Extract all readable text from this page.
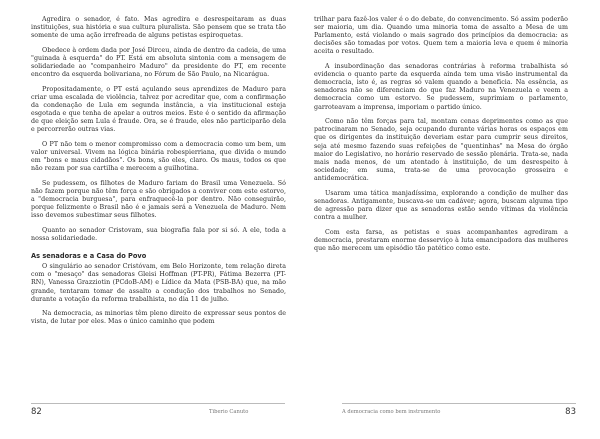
Agredira o senador, é fato. Mas agredira e desrespeitaram as duas instituições, sua história e sua cultura pluralista. São pensem que se trata tão somente de uma ação irrefreada de alguns petistas espiroquetas.

Obedece à ordem dada por José Dirceu, ainda de dentro da cadeia, de uma "guinada à esquerda" do PT. Está em absoluta sintonia com a mensagem de solidariedade ao "companheiro Maduro" da presidente do PT, em recente encontro da esquerda bolivariana, no Fórum de São Paulo, na Nicarágua.

Propositadamente, o PT está açulando seus aprendizes de Maduro para criar uma escalada de violência, talvez por acreditar que, com a confirmação da condenação de Lula em segunda instância, a via institucional esteja esgotada e que tenha de apelar a outros meios. Este é o sentido da afirmação de que eleição sem Lula é fraude. Ora, se é fraude, eles não participarão dela e percorrerão outras vias.

O PT não tem o menor compromisso com a democracia como um bem, um valor universal. Vivem na lógica binária robespierriana, que divida o mundo em "bons e maus cidadãos". Os bons, são eles, claro. Os maus, todos os que não rezam por sua cartilha e merecem a guilhotina.

Se pudessem, os filhotes de Maduro fariam do Brasil uma Venezuela. Só não fazem porque não têm força e são obrigados a conviver com este estorvo, a "democracia burguesa", para enfraquecê-la por dentro. Não conseguirão, porque felizmente o Brasil não é e jamais será a Venezuela de Maduro. Nem isso devemos subestimar seus filhotes.

Quanto ao senador Cristovam, sua biografia fala por si só. A ele, toda a nossa solidariedade.

As senadoras e a Casa do Povo

O singulário ao senador Cristóvam, em Belo Horizonte, tem relação direta com o "mesaço" das senadoras Gleisi Hoffman (PT-PR), Fátima Bezerra (PT-RN), Vanessa Grazziotin (PCdoB-AM) e Lídice da Mata (PSB-BA) que, na mão grande, tentaram tomar de assalto a condução dos trabalhos no Senado, durante a votação da reforma trabalhista, no dia 11 de julho.

Na democracia, as minorias têm pleno direito de expressar seus pontos de vista, de lutar por eles. Mas o único caminho que podem

trilhar para fazê-los valer é o do debate, do convencimento. Só assim poderão ser maioria, um dia. Quando uma minoria toma de assalto a Mesa de um Parlamento, está violando o mais sagrado dos princípios da democracia: as decisões são tomadas por votos. Quem tem a maioria leva e quem é minoria aceita o resultado.

A insubordinação das senadoras contrárias à reforma trabalhista só evidencia o quanto parte da esquerda ainda tem uma visão instrumental da democracia, isto é, as regras só valem quando a beneficia. Na essência, as senadoras não se diferenciam do que faz Maduro na Venezuela e veem a democracia como um estorvo. Se pudessem, suprimiam o parlamento, garroteavam a imprensa, imporiam o partido único.

Como não têm forças para tal, montam cenas deprimentes como as que patrocinaram no Senado, seja ocupando durante várias horas os espaços em que os dirigentes da instituição deveriam estar para cumprir seus direitos, seja até mesmo fazendo suas refeições de "quentinhas" na Mesa do órgão maior do Legislativo, no horário reservado de sessão plenária. Trata-se, nada mais nada menos, de um atentado à instituição, de um desrespeito à sociedade; em suma, trata-se de uma provocação grosseira e antidemocrática.

Usaram uma tática manjadíssima, explorando a condição de mulher das senadoras. Antigamente, buscava-se um cadáver; agora, buscam alguma tipo de agressão para dizer que as senadoras estão sendo vítimas da violência contra a mulher.

Com esta farsa, as petistas e suas acompanhantes agrediram a democracia, prestaram enorme desserviço à luta emancipadora das mulheres que não merecem um episódio tão patético como este.

82	Tiberio Canuto	A democracia como bem instrumento	83
